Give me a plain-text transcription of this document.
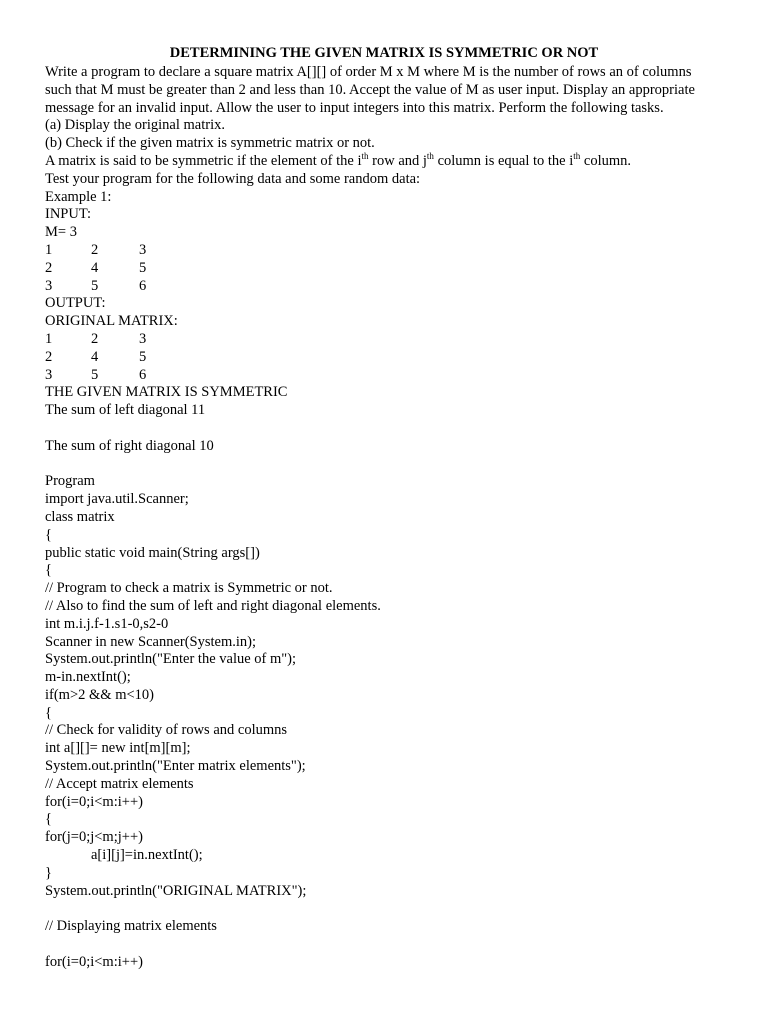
DETERMINING THE GIVEN MATRIX IS SYMMETRIC OR NOT
Write a program to declare a square matrix A[][] of order M x M where M is the number of rows an of columns
such that M must be greater than 2 and less than 10. Accept the value of M as user input. Display an appropriate
message for an invalid input. Allow the user to input integers into this matrix. Perform the following tasks.
(a) Display the original matrix.
(b) Check if the given matrix is symmetric matrix or not.
A matrix is said to be symmetric if the element of the $i^{th}$ row and $j^{th}$ column is equal to the $i^{th}$ column.
Test your program for the following data and some random data:
Example 1:
INPUT:
M= 3
1	2	3
2	4	5
3	5	6
OUTPUT:
ORIGINAL MATRIX:
1	2	3
2	4	5
3	5	6
THE GIVEN MATRIX IS SYMMETRIC
The sum of left diagonal 11
The sum of right diagonal 10
Program
import java.util.Scanner;
class matrix
{
public static void main(String args[])
{
// Program to check a matrix is Symmetric or not.
// Also to find the sum of left and right diagonal elements.
int m.i.j.f-1.s1-0,s2-0
Scanner in new Scanner(System.in);
System.out.println("Enter the value of m");
m-in.nextInt();
if(m>2 && m<10)
{
// Check for validity of rows and columns
int a[][]= new int[m][m];
System.out.println("Enter matrix elements");
// Accept matrix elements
for(i=0;i<m:i++)
{
for(j=0;j<m;j++)
a[i][j]=in.nextInt();
}
System.out.println("ORIGINAL MATRIX");
// Displaying matrix elements
for(i=0;i<m:i++)
